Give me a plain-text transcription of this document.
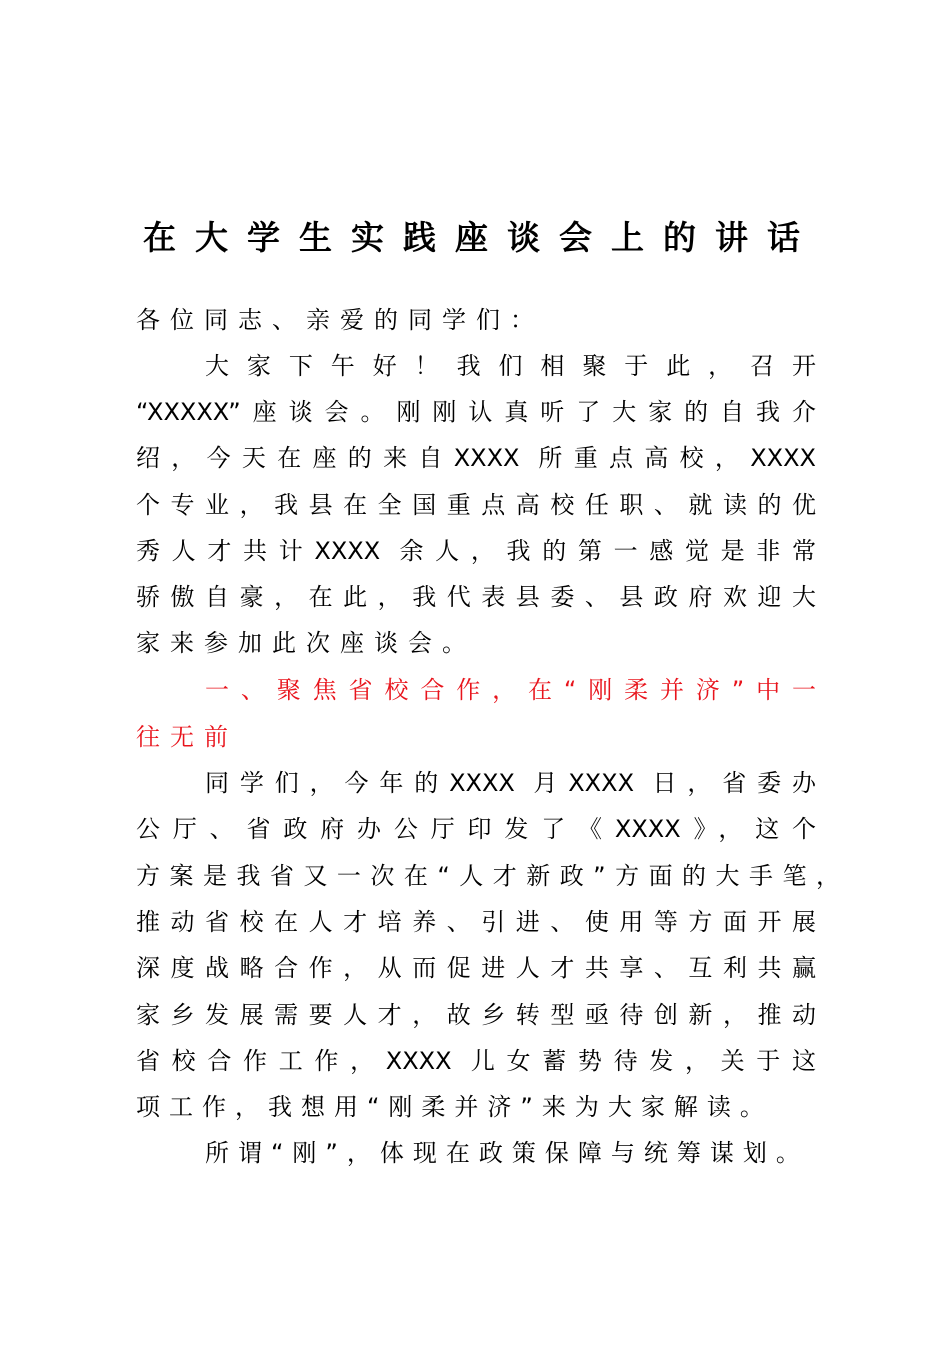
在大学生实践座谈会上的讲话
各位同志、亲爱的同学们：
大家下午好！我们相聚于此，召开
“XXXXX”座谈会。刚刚认真听了大家的自我介
绍，今天在座的来自XXXX 所重点高校，XXXX
个专业，我县在全国重点高校任职、就读的优
秀人才共计XXXX 余人，我的第一感觉是非常
骄傲自豪，在此，我代表县委、县政府欢迎大
家来参加此次座谈会。
一、聚焦省校合作，在“刚柔并济”中一
往无前
同学们，今年的XXXX 月XXXX 日，省委办
公厅、省政府办公厅印发了《XXXX》，这个
方案是我省又一次在“人才新政”方面的大手笔，
推动省校在人才培养、引进、使用等方面开展
深度战略合作，从而促进人才共享、互利共赢
家乡发展需要人才，故乡转型亟待创新，推动
省校合作工作，XXXX 儿女蓄势待发，关于这
项工作，我想用“刚柔并济”来为大家解读。
所谓“刚”，体现在政策保障与统筹谋划。
